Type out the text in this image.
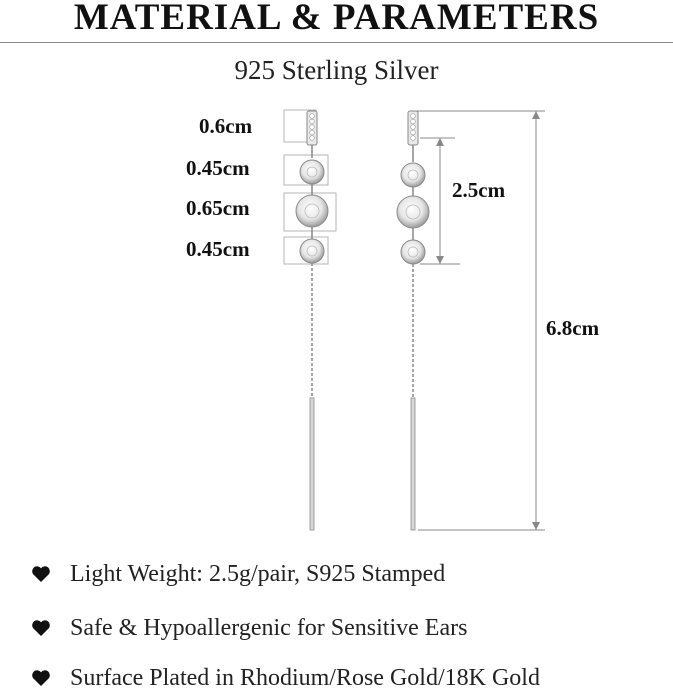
MATERIAL & PARAMETERS
925 Sterling Silver
0.6cm
0.45cm
0.65cm
0.45cm
2.5cm
6.8cm
Light Weight: 2.5g/pair, S925 Stamped
Safe & Hypoallergenic for Sensitive Ears
Surface Plated in Rhodium/Rose Gold/18K Gold
